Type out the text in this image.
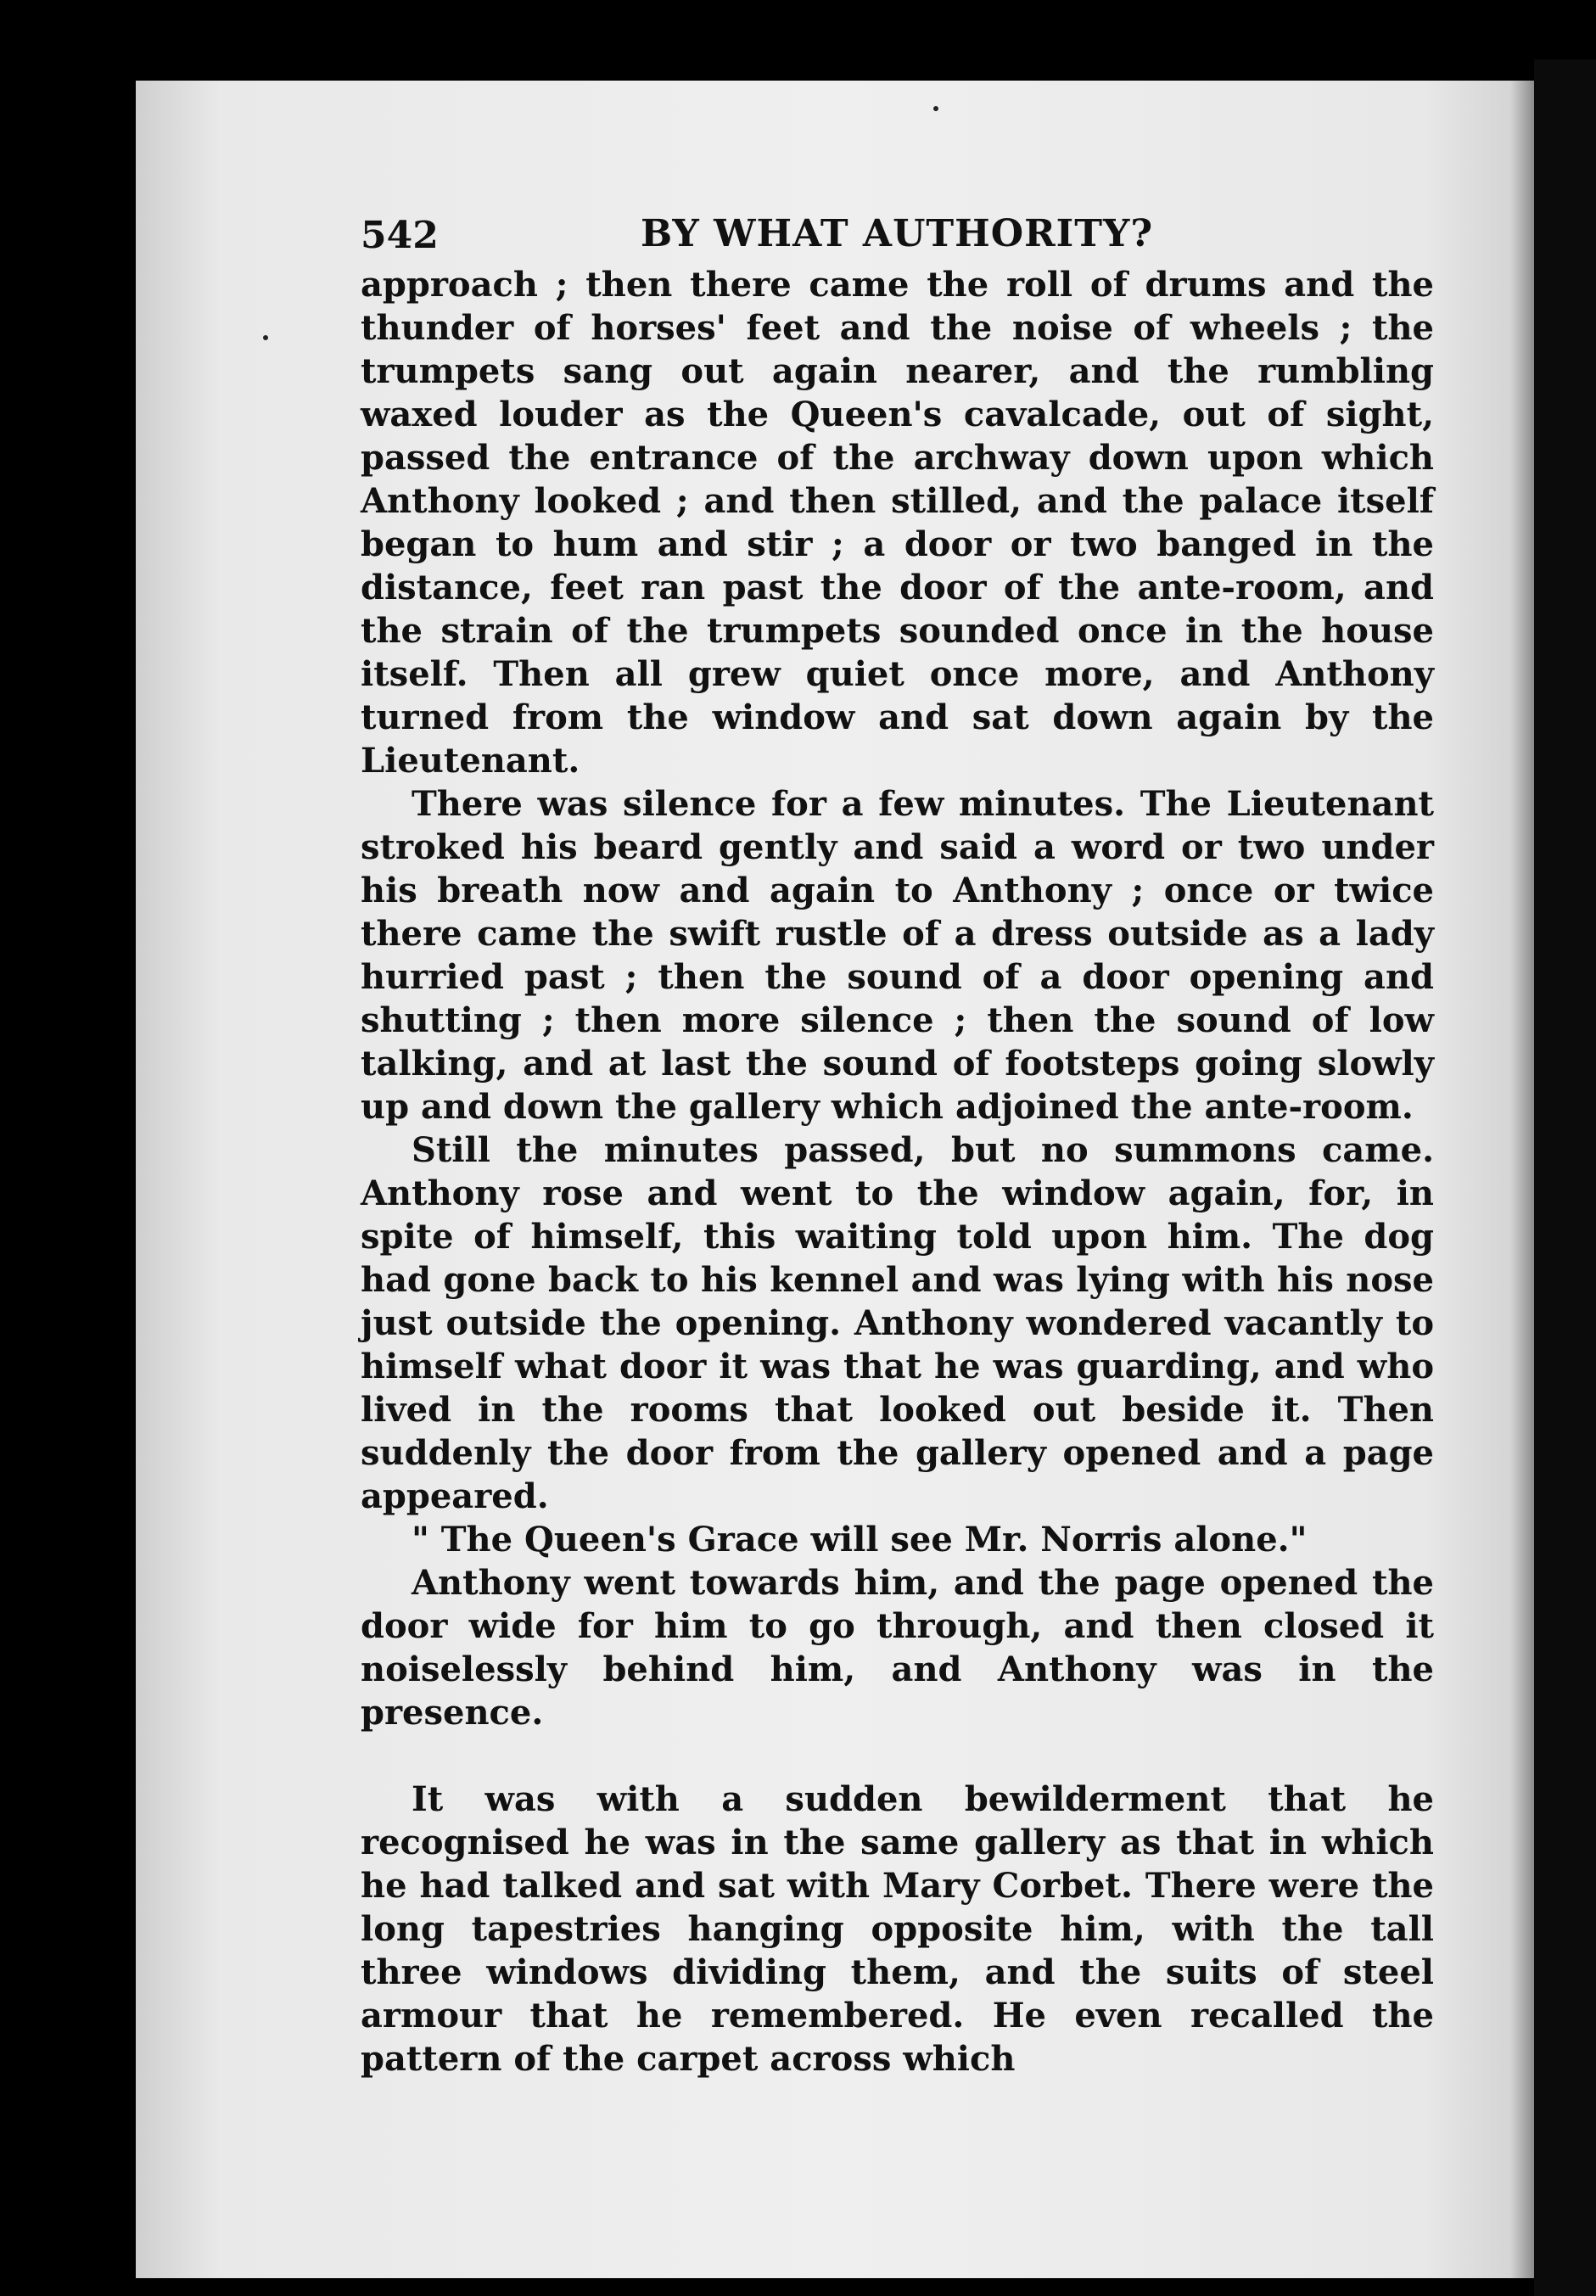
542	BY WHAT AUTHORITY?

approach ; then there came the roll of drums and the thunder of horses' feet and the noise of wheels ; the trumpets sang out again nearer, and the rumbling waxed louder as the Queen's cavalcade, out of sight, passed the entrance of the archway down upon which Anthony looked ; and then stilled, and the palace itself began to hum and stir ; a door or two banged in the distance, feet ran past the door of the ante-room, and the strain of the trumpets sounded once in the house itself. Then all grew quiet once more, and Anthony turned from the window and sat down again by the Lieutenant.

There was silence for a few minutes. The Lieutenant stroked his beard gently and said a word or two under his breath now and again to Anthony ; once or twice there came the swift rustle of a dress outside as a lady hurried past ; then the sound of a door opening and shutting ; then more silence ; then the sound of low talking, and at last the sound of footsteps going slowly up and down the gallery which adjoined the ante-room.

Still the minutes passed, but no summons came. Anthony rose and went to the window again, for, in spite of himself, this waiting told upon him. The dog had gone back to his kennel and was lying with his nose just outside the opening. Anthony wondered vacantly to himself what door it was that he was guarding, and who lived in the rooms that looked out beside it. Then suddenly the door from the gallery opened and a page appeared.

" The Queen's Grace will see Mr. Norris alone."

Anthony went towards him, and the page opened the door wide for him to go through, and then closed it noiselessly behind him, and Anthony was in the presence.

It was with a sudden bewilderment that he recognised he was in the same gallery as that in which he had talked and sat with Mary Corbet. There were the long tapestries hanging opposite him, with the tall three windows dividing them, and the suits of steel armour that he remembered. He even recalled the pattern of the carpet across which
